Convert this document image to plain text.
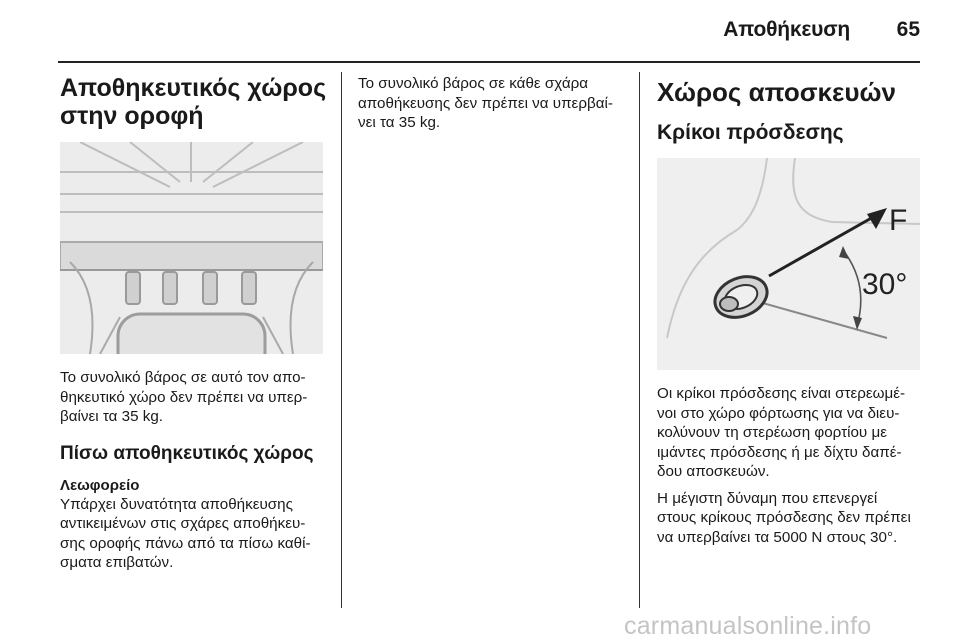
Αποθήκευση	65
Αποθηκευτικός χώρος
στην οροφή

Το συνολικό βάρος σε αυτό τον απο-

θηκευτικό χώρο δεν πρέπει να υπερ-

βαίνει τα 35 kg.

Πίσω αποθηκευτικός χώρος
Λεωφορείο

Υπάρχει δυνατότητα αποθήκευσης

αντικειμένων στις σχάρες αποθήκευ-

σης οροφής πάνω από τα πίσω καθί-

σματα επιβατών.

Το συνολικό βάρος σε κάθε σχάρα

αποθήκευσης δεν πρέπει να υπερβαί-

νει τα 35 kg.

Χώρος αποσκευών
Κρίκοι πρόσδεσης
F
30°

Οι κρίκοι πρόσδεσης είναι στερεωμέ-

νοι στο χώρο φόρτωσης για να διευ-

κολύνουν τη στερέωση φορτίου με

ιμάντες πρόσδεσης ή με δίχτυ δαπέ-

δου αποσκευών.

Η μέγιστη δύναμη που επενεργεί

στους κρίκους πρόσδεσης δεν πρέπει

να υπερβαίνει τα 5000 N στους 30°.

carmanualsonline.info
